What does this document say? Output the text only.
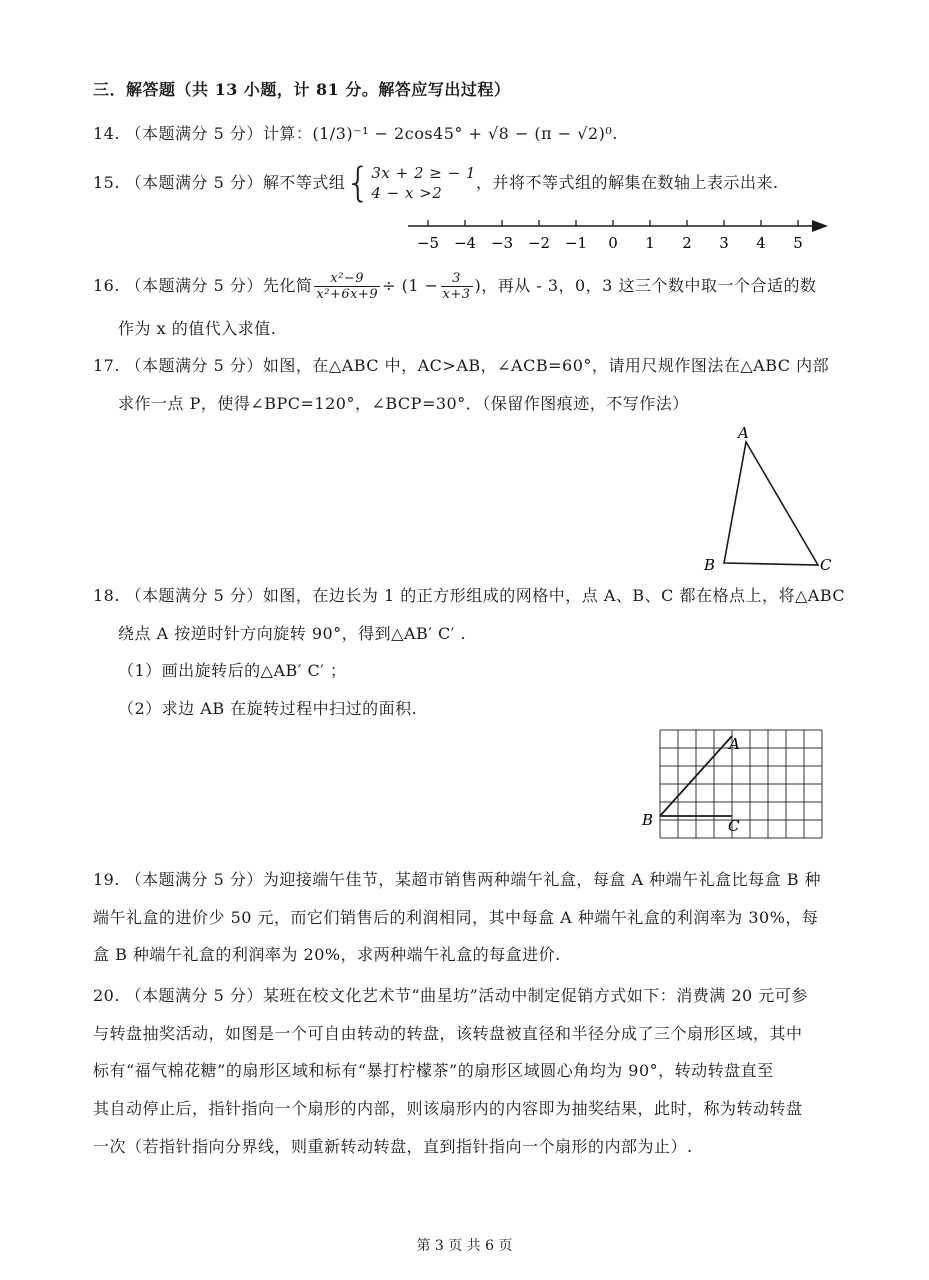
三．解答题（共 13 小题，计 81 分。解答应写出过程）
14. （本题满分 5 分）计算：(1/3)⁻¹ − 2cos45° + √8 − (π − √2)⁰.
15. （本题满分 5 分）解不等式组 { 3x + 2 ≥ − 1
4 − x >2
，并将不等式组的解集在数轴上表示出来.
−5 −4 −3 −2 −1 0 1 2 3 4 5
16. （本题满分 5 分）先化简 $\frac{\text{x²−9}}{\text{x²+6x+9}} \div (1 - \frac{3}{x+3}$ )，再从 - 3，0，3 这三个数中取一个合适的数
作为 x 的值代入求值.
17. （本题满分 5 分）如图，在△ABC 中，AC>AB，∠ACB=60°，请用尺规作图法在△ABC 内部
求作一点 P，使得∠BPC=120°，∠BCP=30°．（保留作图痕迹，不写作法）
A
B	C
18. （本题满分 5 分）如图，在边长为 1 的正方形组成的网格中，点 A、B、C 都在格点上，将△ABC
绕点 A 按逆时针方向旋转 90°，得到△AB′ C′ .
（1）画出旋转后的△AB′ C′ ；
（2）求边 AB 在旋转过程中扫过的面积.
A
B	C
19. （本题满分 5 分）为迎接端午佳节，某超市销售两种端午礼盒，每盒 A 种端午礼盒比每盒 B 种
端午礼盒的进价少 50 元，而它们销售后的利润相同，其中每盒 A 种端午礼盒的利润率为 30%，每
盒 B 种端午礼盒的利润率为 20%，求两种端午礼盒的每盒进价.
20. （本题满分 5 分）某班在校文化艺术节“曲星坊”活动中制定促销方式如下：消费满 20 元可参
与转盘抽奖活动，如图是一个可自由转动的转盘，该转盘被直径和半径分成了三个扇形区域，其中
标有“福气棉花糖”的扇形区域和标有“暴打柠檬茶”的扇形区域圆心角均为 90°，转动转盘直至
其自动停止后，指针指向一个扇形的内部，则该扇形内的内容即为抽奖结果，此时，称为转动转盘
一次（若指针指向分界线，则重新转动转盘，直到指针指向一个扇形的内部为止）.
第 3 页 共 6 页
